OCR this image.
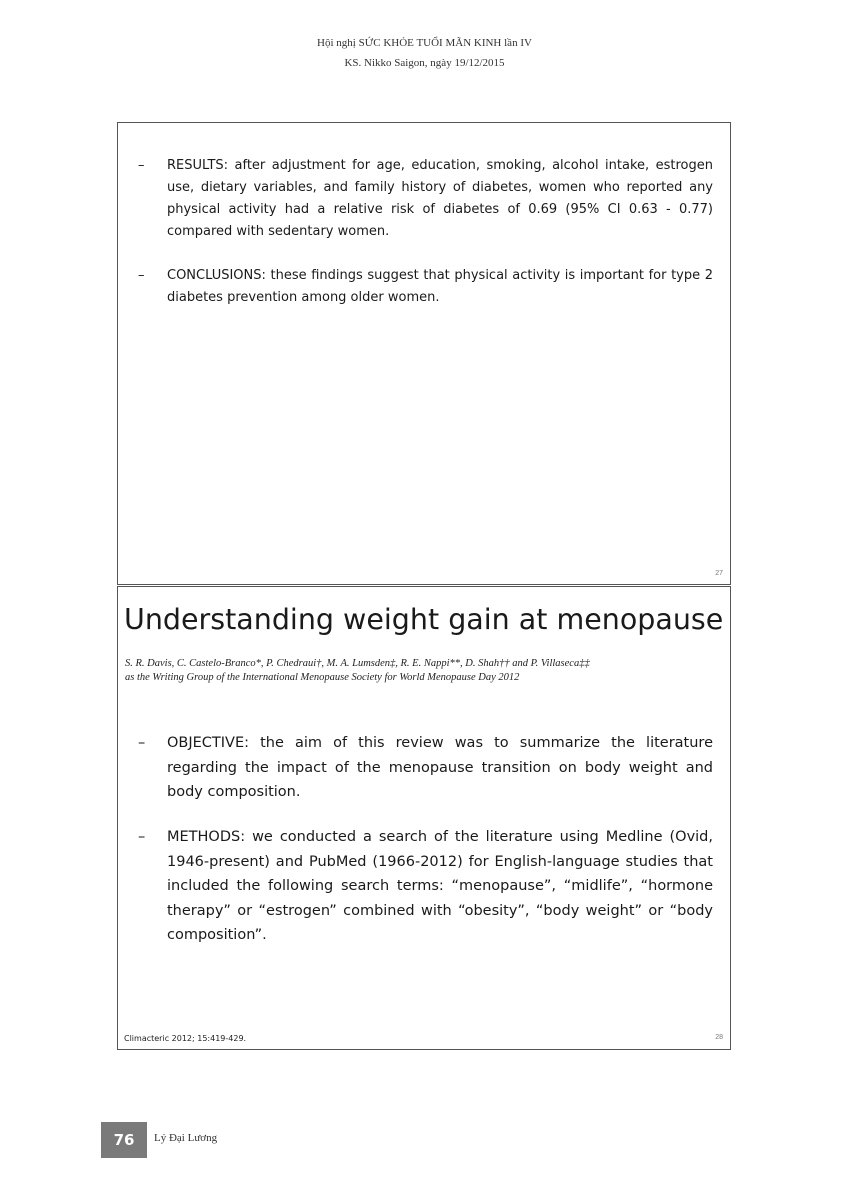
Hội nghị SỨC KHỎE TUỔI MÃN KINH lần IV
KS. Nikko Saigon, ngày 19/12/2015
–	RESULTS: after adjustment for age, education, smoking, alcohol intake, estrogen use, dietary variables, and family history of diabetes, women who reported any physical activity had a relative risk of diabetes of 0.69 (95% CI 0.63 - 0.77) compared with sedentary women.
–	CONCLUSIONS: these findings suggest that physical activity is important for type 2 diabetes prevention among older women.
27
Understanding weight gain at menopause
S. R. Davis, C. Castelo-Branco*, P. Chedraui†, M. A. Lumsden‡, R. E. Nappi**, D. Shah†† and P. Villaseca‡‡
as the Writing Group of the International Menopause Society for World Menopause Day 2012
–	OBJECTIVE: the aim of this review was to summarize the literature regarding the impact of the menopause transition on body weight and body composition.
–	METHODS: we conducted a search of the literature using Medline (Ovid, 1946-present) and PubMed (1966-2012) for English-language studies that included the following search terms: “menopause”, “midlife”, “hormone therapy” or “estrogen” combined with “obesity”, “body weight” or “body composition”.
Climacteric 2012; 15:419-429.	28
76 Lý Đại Lương
